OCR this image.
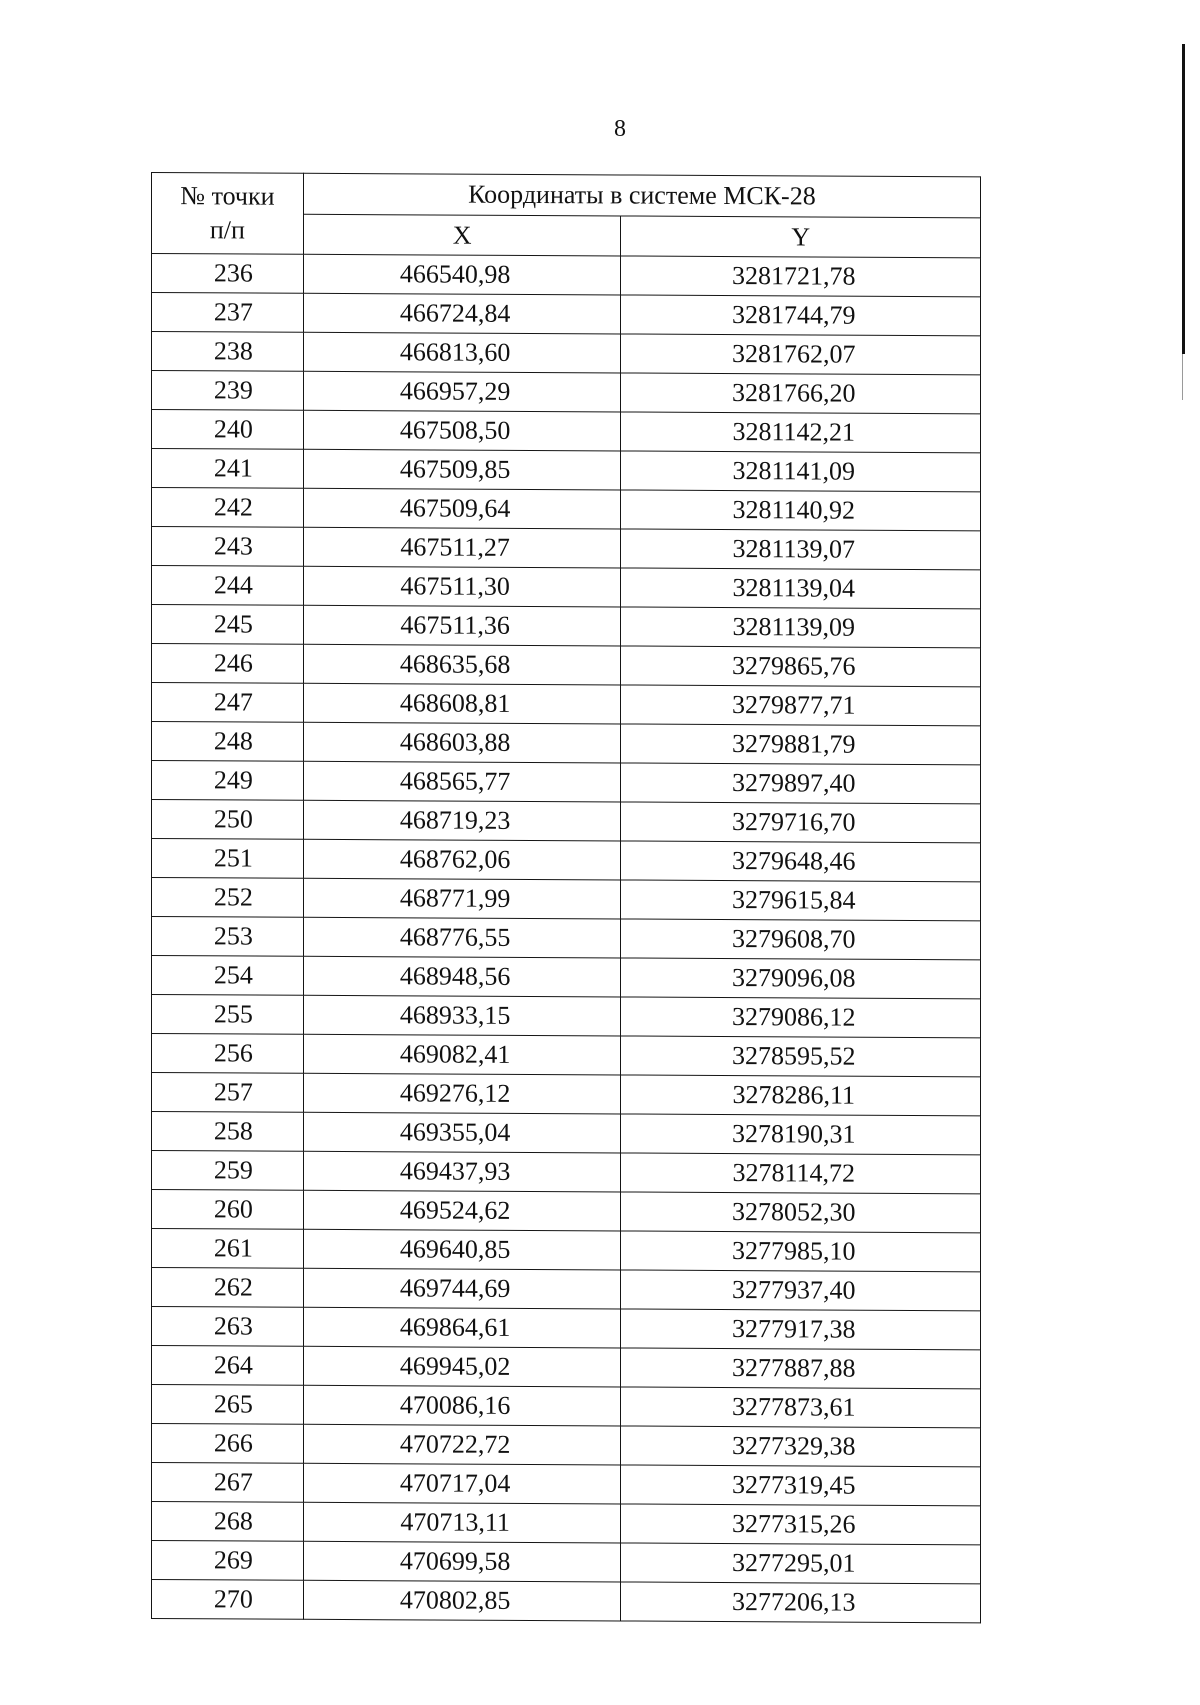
8
№ точки
п/п	Координаты в системе МСК-28	
	X	Y
236	466540,98	3281721,78
237	466724,84	3281744,79
238	466813,60	3281762,07
239	466957,29	3281766,20
240	467508,50	3281142,21
241	467509,85	3281141,09
242	467509,64	3281140,92
243	467511,27	3281139,07
244	467511,30	3281139,04
245	467511,36	3281139,09
246	468635,68	3279865,76
247	468608,81	3279877,71
248	468603,88	3279881,79
249	468565,77	3279897,40
250	468719,23	3279716,70
251	468762,06	3279648,46
252	468771,99	3279615,84
253	468776,55	3279608,70
254	468948,56	3279096,08
255	468933,15	3279086,12
256	469082,41	3278595,52
257	469276,12	3278286,11
258	469355,04	3278190,31
259	469437,93	3278114,72
260	469524,62	3278052,30
261	469640,85	3277985,10
262	469744,69	3277937,40
263	469864,61	3277917,38
264	469945,02	3277887,88
265	470086,16	3277873,61
266	470722,72	3277329,38
267	470717,04	3277319,45
268	470713,11	3277315,26
269	470699,58	3277295,01
270	470802,85	3277206,13
